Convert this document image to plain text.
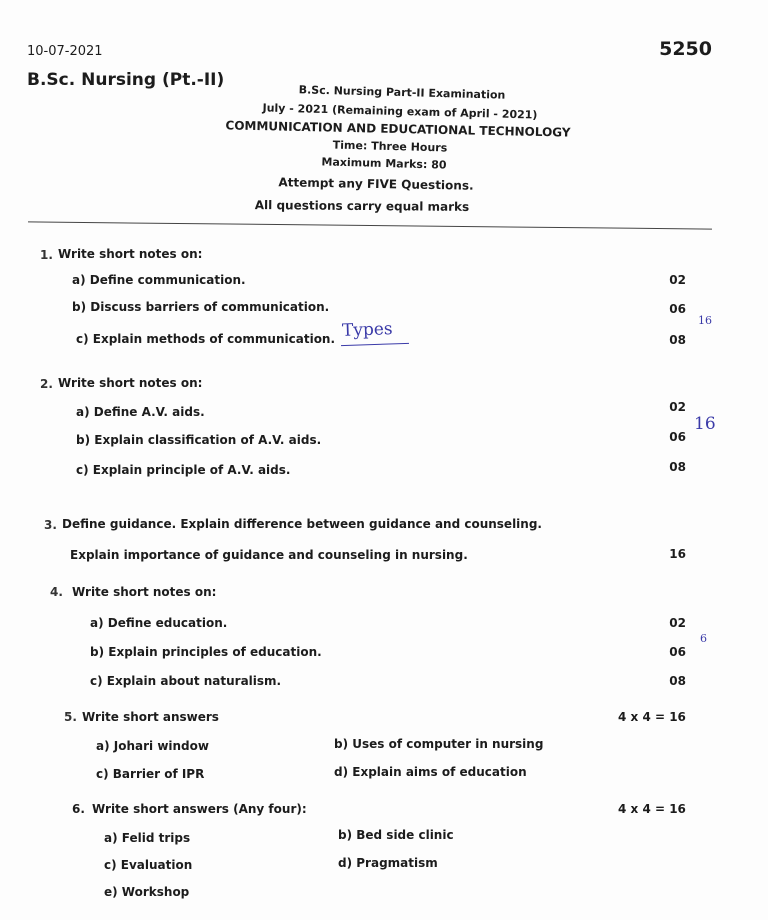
10-07-2021	5250
B.Sc. Nursing (Pt.-II)
B.Sc. Nursing Part-II Examination
July - 2021 (Remaining exam of April - 2021)
COMMUNICATION AND EDUCATIONAL TECHNOLOGY
Time: Three Hours
Maximum Marks: 80
Attempt any FIVE Questions.
All questions carry equal marks
1. Write short notes on:
a) Define communication.	02
b) Discuss barriers of communication.	06
c) Explain methods of communication.	08
Types	16
2. Write short notes on:
a) Define A.V. aids.	02
b) Explain classification of A.V. aids.	06
c) Explain principle of A.V. aids.	08
16
3. Define guidance. Explain difference between guidance and counseling.
Explain importance of guidance and counseling in nursing.	16
4. Write short notes on:
a) Define education.	02
b) Explain principles of education.	06
c) Explain about naturalism.	08
6
5. Write short answers	4 x 4 = 16
a) Johari window	b) Uses of computer in nursing
c) Barrier of IPR	d) Explain aims of education
6. Write short answers (Any four):	4 x 4 = 16
a) Felid trips	b) Bed side clinic
c) Evaluation	d) Pragmatism
e) Workshop
